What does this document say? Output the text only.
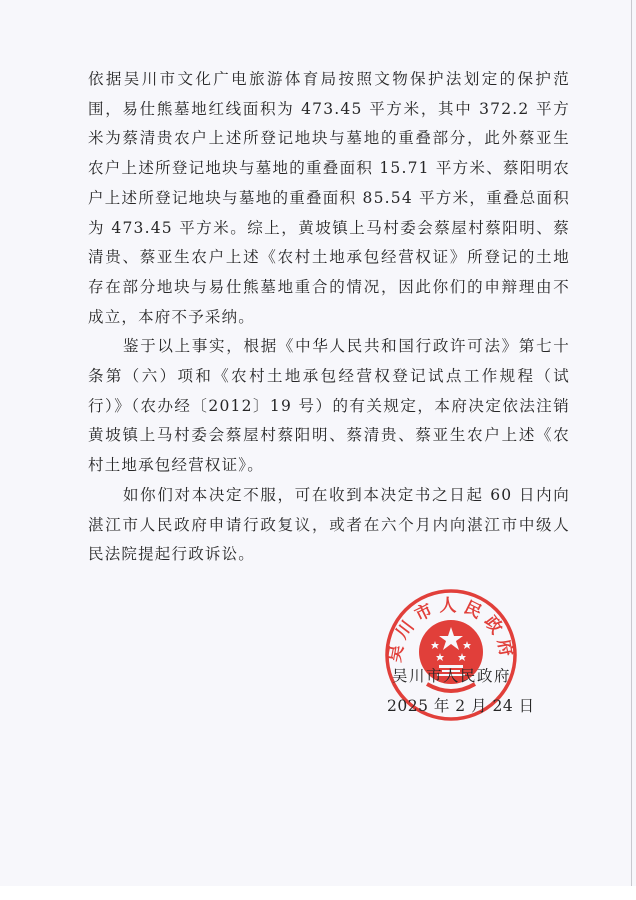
依据吴川市文化广电旅游体育局按照文物保护法划定的保护范围，易仕熊墓地红线面积为 473.45 平方米，其中 372.2 平方米为蔡清贵农户上述所登记地块与墓地的重叠部分，此外蔡亚生农户上述所登记地块与墓地的重叠面积 15.71 平方米、蔡阳明农户上述所登记地块与墓地的重叠面积 85.54 平方米，重叠总面积为 473.45 平方米。综上，黄坡镇上马村委会蔡屋村蔡阳明、蔡清贵、蔡亚生农户上述《农村土地承包经营权证》所登记的土地存在部分地块与易仕熊墓地重合的情况，因此你们的申辩理由不成立，本府不予采纳。

鉴于以上事实，根据《中华人民共和国行政许可法》第七十条第（六）项和《农村土地承包经营权登记试点工作规程（试行）》（农办经〔2012〕19 号）的有关规定，本府决定依法注销黄坡镇上马村委会蔡屋村蔡阳明、蔡清贵、蔡亚生农户上述《农村土地承包经营权证》。

如你们对本决定不服，可在收到本决定书之日起 60 日内向湛江市人民政府申请行政复议，或者在六个月内向湛江市中级人民法院提起行政诉讼。

吴川市人民政府
吴川市人民政府
2025 年 2 月 24 日
